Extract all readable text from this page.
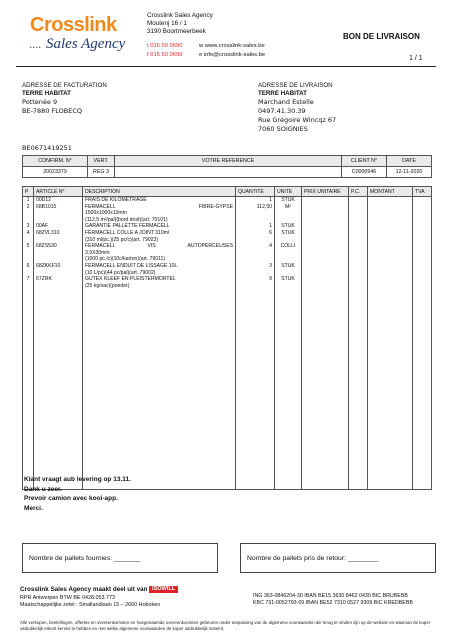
Crosslink
.... Sales Agency
Crosslink Sales Agency
Moutenj 16 / 1
3190 Boortmeerbeek
t 015 50 0690
f 015 50 0699
w www.crosslink-sales.be
e info@crosslink-sales.be
BON DE LIVRAISON
1 / 1
ADRESSE DE FACTURATION
TERRE HABITAT
Pottenée 9
BE-7880 FLOBECQ
ADRESSE DE LIVRAISON
TERRE HABITAT
Marchand Estelle
0497.41.30.39
Rue Grégoire Wincqz 67
7060 SOIGNIES
BE0671419251
CONFIRM. N°	VERT.	VOTRE REFERENCE	CLIENT N°	DATE
20023379	REG 3		C0000946	12-11-2020
P	ARTICLE N°	DESCRIPTION	QUANTITE	UNITE	PRIX UNITAIRE	P.C.	MONTANT	TVA
1	00D12	FRAIS DE KILOMETRAGE	1	STUK				
2	68B1015	FERMACELL FIBRE-GYPSE
1500x1000x10mm
(112,5 m²/pal)(bord droit)(art. 70101)	112,50	M²				
3	00AF	GARANTIE PALLETTE FERMACELL	1	STUK				
4	68ZVL310	FERMACELL COLLE A JOINT 310ml
(310 ml/pc.)(25 pc/c)(art. 79023)	6	STUK				
5	68ZS530	FERMACELL VIS AUTOPERCEUSES
3,9X30mm
(1000 pc./c)(10c/karton)(art. 79011)	4	COLLI				
6	68ZKKF10	FERMACELL ENDUIT DE LISSAGE 10L
(10 L/pc)(44 pc/pal)(art. 79002)	3	STUK				
7	67ZRK	GUTEX KLEEF EN PLEISTERMORTEL
(25 kg/sac)(poeder)	9	STUK				

Klant vraagt aub levering op 13.11.
Dank u zeer.
Prevoir camion avec kooi-app.
Merci.
Nombre de pallets fournies: _______	Nombre de pallets pris de retour: ________
Crosslink Sales Agency maakt deel uit van ISOWILL
RPR Antwerpen BTW BE 0428.053.773
Maatschappelijke zetel : Smallandlaan 15 – 2660 Hoboken
ING 363-0846204-30 IBAN BE15 3630 8462 0430 BIC BRUBEBB
KBC 731-0052793-09 IBAN BE52 7310 0527 9309 BIC KREDBEBB
Alle verkopen, bestellingen, offertes en overeenkomsten en hoegenaamde overeenkomsten gebeuren onder toepassing van de algemene voorwaarden die terug te vinden zijn op de website en waarvan de koper uitdrukkelijk erkent kennis te hebben en met welke algemene voorwaarden de koper uitdrukkelijk instemt.
